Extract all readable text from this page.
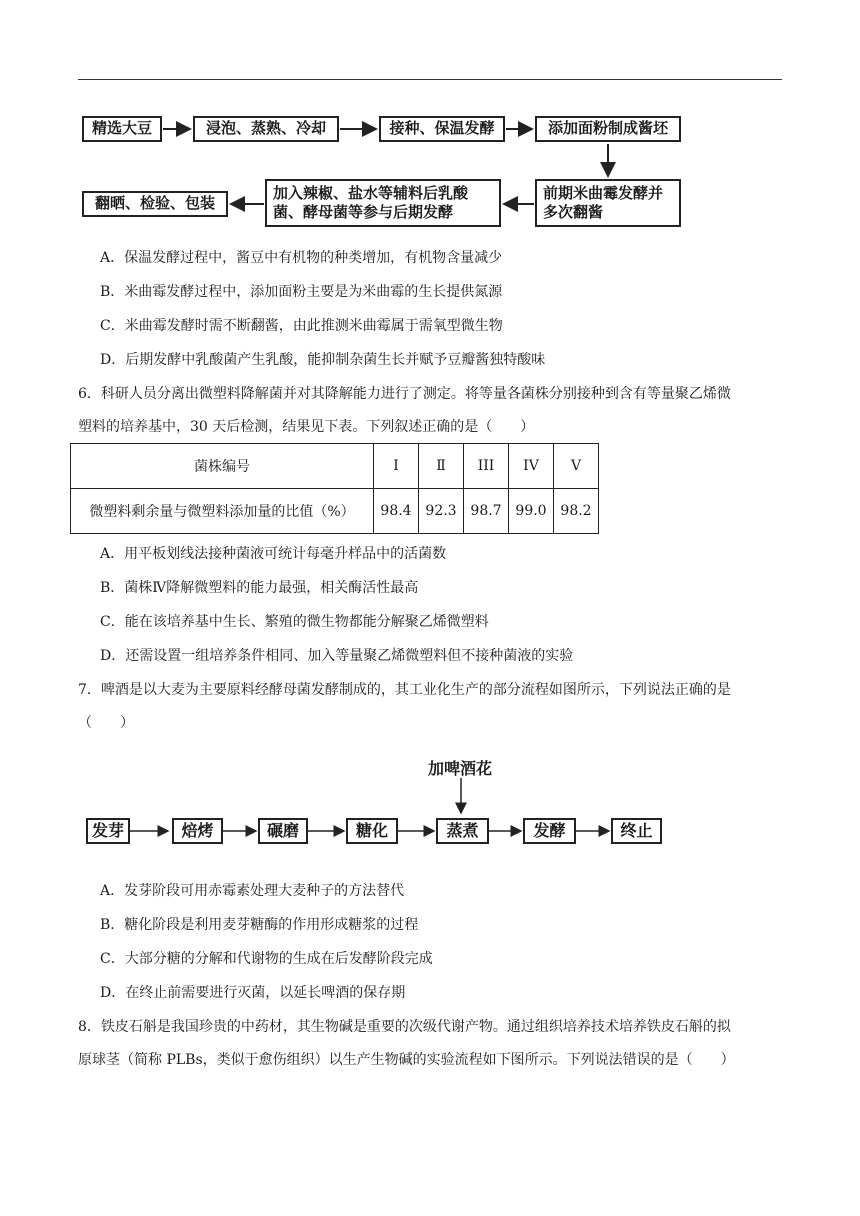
精选大豆	浸泡、蒸熟、冷却	接种、保温发酵	添加面粉制成酱坯
前期米曲霉发酵并
多次翻酱
加入辣椒、盐水等辅料后乳酸
菌、酵母菌等参与后期发酵
翻晒、检验、包装
A．保温发酵过程中，酱豆中有机物的种类增加，有机物含量减少
B．米曲霉发酵过程中，添加面粉主要是为米曲霉的生长提供氮源
C．米曲霉发酵时需不断翻酱，由此推测米曲霉属于需氧型微生物
D．后期发酵中乳酸菌产生乳酸，能抑制杂菌生长并赋予豆瓣酱独特酸味
6．科研人员分离出微塑料降解菌并对其降解能力进行了测定。将等量各菌株分别接种到含有等量聚乙烯微
塑料的培养基中，30 天后检测，结果见下表。下列叙述正确的是（　　）
菌株编号	I	Ⅱ	III	IV	V
微塑料剩余量与微塑料添加量的比值（%）	98.4	92.3	98.7	99.0	98.2
A．用平板划线法接种菌液可统计每毫升样品中的活菌数
B．菌株Ⅳ降解微塑料的能力最强，相关酶活性最高
C．能在该培养基中生长、繁殖的微生物都能分解聚乙烯微塑料
D．还需设置一组培养条件相同、加入等量聚乙烯微塑料但不接种菌液的实验
7．啤酒是以大麦为主要原料经酵母菌发酵制成的，其工业化生产的部分流程如图所示，下列说法正确的是
（　　）
加啤酒花
发芽	焙烤	碾磨	糖化	蒸煮	发酵	终止
A．发芽阶段可用赤霉素处理大麦种子的方法替代
B．糖化阶段是利用麦芽糖酶的作用形成糖浆的过程
C．大部分糖的分解和代谢物的生成在后发酵阶段完成
D．在终止前需要进行灭菌，以延长啤酒的保存期
8．铁皮石斛是我国珍贵的中药材，其生物碱是重要的次级代谢产物。通过组织培养技术培养铁皮石斛的拟
原球茎（简称 PLBs，类似于愈伤组织）以生产生物碱的实验流程如下图所示。下列说法错误的是（　　）
